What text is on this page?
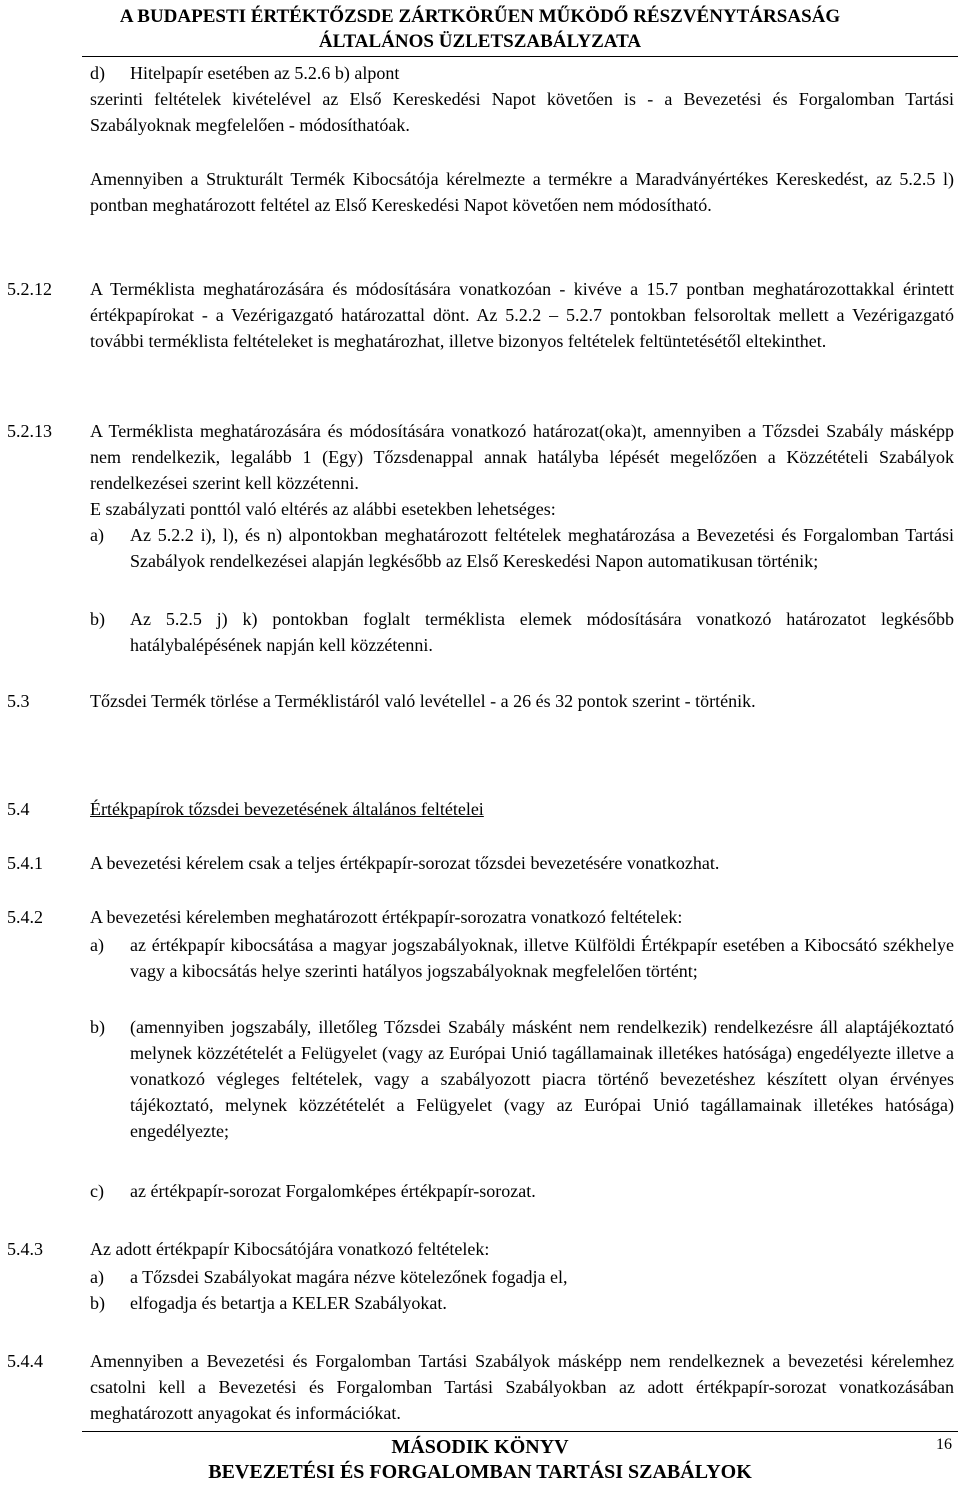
A BUDAPESTI ÉRTÉKTŐZSDE ZÁRTKÖRŰEN MŰKÖDŐ RÉSZVÉNYTÁRSASÁG
ÁLTALÁNOS ÜZLETSZABÁLYZATA
d) Hitelpapír esetében az 5.2.6 b) alpont
szerinti feltételek kivételével az Első Kereskedési Napot követően is - a Bevezetési és Forgalomban Tartási Szabályoknak megfelelően - módosíthatóak.
Amennyiben a Strukturált Termék Kibocsátója kérelmezte a termékre a Maradványértékes Kereskedést, az 5.2.5 l) pontban meghatározott feltétel az Első Kereskedési Napot követően nem módosítható.
5.2.12 A Terméklista meghatározására és módosítására vonatkozóan - kivéve a 15.7 pontban meghatározottakkal érintett értékpapírokat - a Vezérigazgató határozattal dönt. Az 5.2.2 – 5.2.7 pontokban felsoroltak mellett a Vezérigazgató további terméklista feltételeket is meghatározhat, illetve bizonyos feltételek feltüntetésétől eltekinthet.
5.2.13 A Terméklista meghatározására és módosítására vonatkozó határozat(oka)t, amennyiben a Tőzsdei Szabály másképp nem rendelkezik, legalább 1 (Egy) Tőzsdenappal annak hatályba lépését megelőzően a Közzétételi Szabályok rendelkezései szerint kell közzétenni.
E szabályzati ponttól való eltérés az alábbi esetekben lehetséges:
a) Az 5.2.2 i), l), és n) alpontokban meghatározott feltételek meghatározása a Bevezetési és Forgalomban Tartási Szabályok rendelkezései alapján legkésőbb az Első Kereskedési Napon automatikusan történik;
b) Az 5.2.5 j) k) pontokban foglalt terméklista elemek módosítására vonatkozó határozatot legkésőbb hatálybalépésének napján kell közzétenni.
5.3	Tőzsdei Termék törlése a Terméklistáról való levétellel - a 26 és 32 pontok szerint - történik.
5.4	Értékpapírok tőzsdei bevezetésének általános feltételei
5.4.1	A bevezetési kérelem csak a teljes értékpapír-sorozat tőzsdei bevezetésére vonatkozhat.
5.4.2	A bevezetési kérelemben meghatározott értékpapír-sorozatra vonatkozó feltételek:
a) az értékpapír kibocsátása a magyar jogszabályoknak, illetve Külföldi Értékpapír esetében a Kibocsátó székhelye vagy a kibocsátás helye szerinti hatályos jogszabályoknak megfelelően történt;
b) (amennyiben jogszabály, illetőleg Tőzsdei Szabály másként nem rendelkezik) rendelkezésre áll alaptájékoztató melynek közzétételét a Felügyelet (vagy az Európai Unió tagállamainak illetékes hatósága) engedélyezte illetve a vonatkozó végleges feltételek, vagy a szabályozott piacra történő bevezetéshez készített olyan érvényes tájékoztató, melynek közzétételét a Felügyelet (vagy az Európai Unió tagállamainak illetékes hatósága) engedélyezte;
c) az értékpapír-sorozat Forgalomképes értékpapír-sorozat.
5.4.3	Az adott értékpapír Kibocsátójára vonatkozó feltételek:
a) a Tőzsdei Szabályokat magára nézve kötelezőnek fogadja el,
b) elfogadja és betartja a KELER Szabályokat.
5.4.4	Amennyiben a Bevezetési és Forgalomban Tartási Szabályok másképp nem rendelkeznek a bevezetési kérelemhez csatolni kell a Bevezetési és Forgalomban Tartási Szabályokban az adott értékpapír-sorozat vonatkozásában meghatározott anyagokat és információkat.
MÁSODIK KÖNYV
BEVEZETÉSI ÉS FORGALOMBAN TARTÁSI SZABÁLYOK
16
